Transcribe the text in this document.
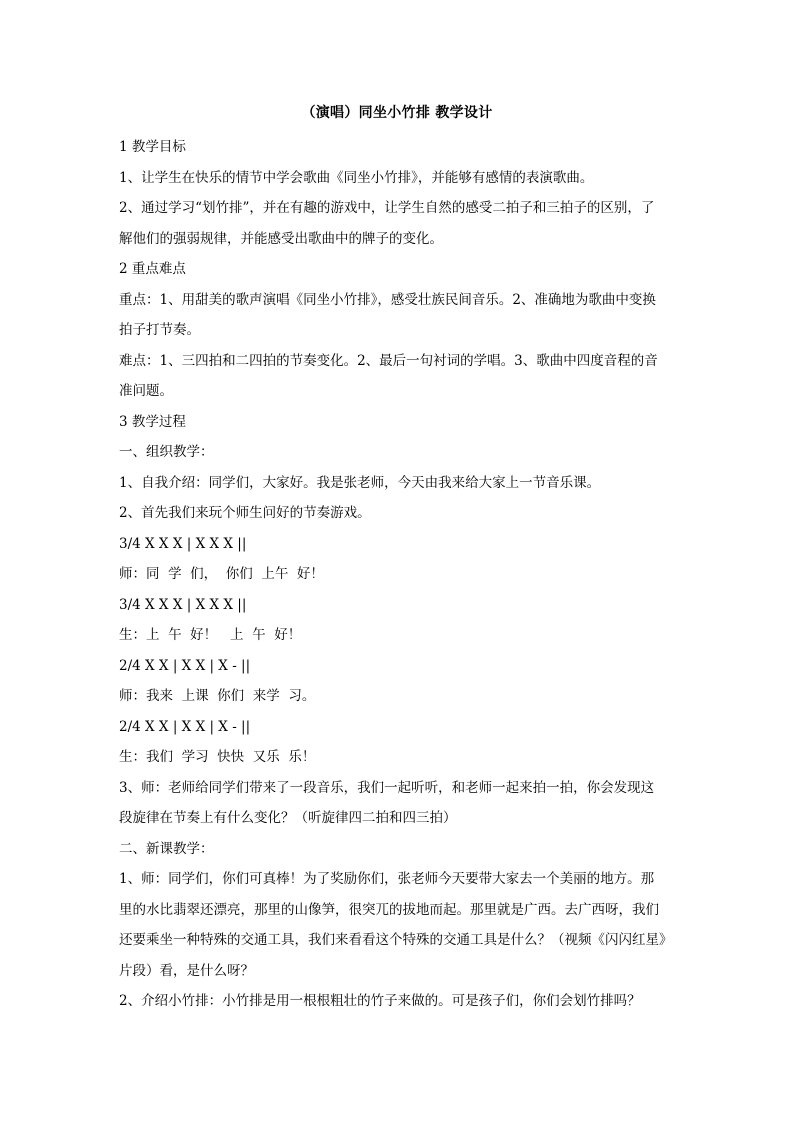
（演唱）同坐小竹排 教学设计
1 教学目标
1、让学生在快乐的情节中学会歌曲《同坐小竹排》，并能够有感情的表演歌曲。
2、通过学习“划竹排”，并在有趣的游戏中，让学生自然的感受二拍子和三拍子的区别，了
解他们的强弱规律，并能感受出歌曲中的牌子的变化。
2 重点难点
重点：1、用甜美的歌声演唱《同坐小竹排》，感受壮族民间音乐。2、准确地为歌曲中变换
拍子打节奏。
难点：1、三四拍和二四拍的节奏变化。2、最后一句衬词的学唱。3、歌曲中四度音程的音
准问题。
3 教学过程
一、组织教学：
1、自我介绍：同学们，大家好。我是张老师，今天由我来给大家上一节音乐课。
2、首先我们来玩个师生问好的节奏游戏。
3/4 X X X | X X X ||
师：同  学  们，  你们  上午  好！
3/4 X X X | X X X ||
生：上  午  好！   上  午  好！
2/4 X X | X X | X - ||
师：我来  上课  你们  来学  习。
2/4 X X | X X | X - ||
生：我们  学习  快快  又乐  乐！
3、师：老师给同学们带来了一段音乐，我们一起听听，和老师一起来拍一拍，你会发现这
段旋律在节奏上有什么变化？（听旋律四二拍和四三拍）
二、新课教学：
1、师：同学们，你们可真棒！为了奖励你们，张老师今天要带大家去一个美丽的地方。那
里的水比翡翠还漂亮，那里的山像笋，很突兀的拔地而起。那里就是广西。去广西呀，我们
还要乘坐一种特殊的交通工具，我们来看看这个特殊的交通工具是什么？（视频《闪闪红星》
片段）看，是什么呀？
2、介绍小竹排：小竹排是用一根根粗壮的竹子来做的。可是孩子们，你们会划竹排吗？
